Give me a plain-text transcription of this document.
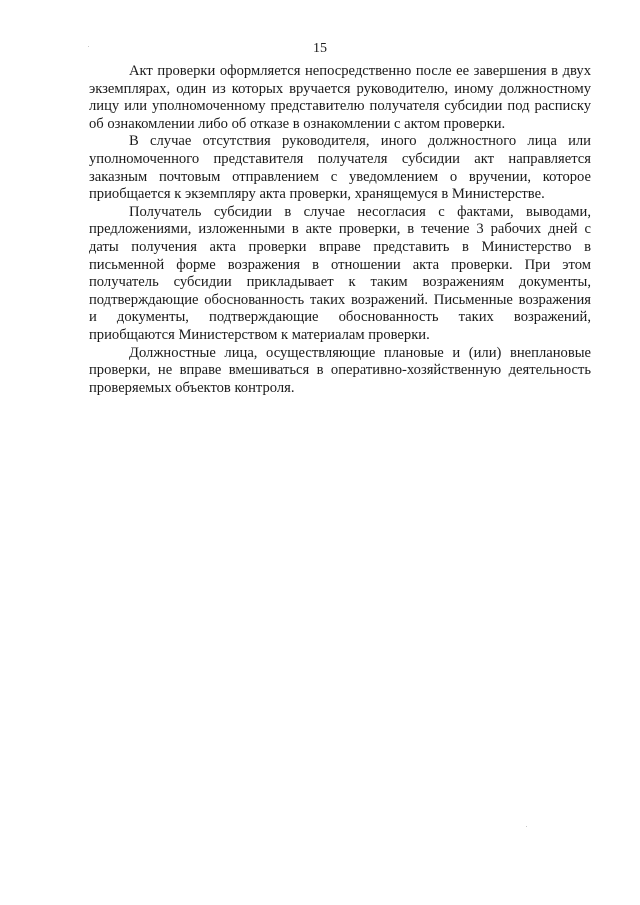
15

Акт проверки оформляется непосредственно после ее завершения в двух экземплярах, один из которых вручается руководителю, иному должностному лицу или уполномоченному представителю получателя субсидии под расписку об ознакомлении либо об отказе в ознакомлении с актом проверки.

В случае отсутствия руководителя, иного должностного лица или уполномоченного представителя получателя субсидии акт направляется заказным почтовым отправлением с уведомлением о вручении, которое приобщается к экземпляру акта проверки, хранящемуся в Министерстве.

Получатель субсидии в случае несогласия с фактами, выводами, предложениями, изложенными в акте проверки, в течение 3 рабочих дней с даты получения акта проверки вправе представить в Министерство в письменной форме возражения в отношении акта проверки. При этом получатель субсидии прикладывает к таким возражениям документы, подтверждающие обоснованность таких возражений. Письменные возражения и документы, подтверждающие обоснованность таких возражений, приобщаются Министерством к материалам проверки.

Должностные лица, осуществляющие плановые и (или) внеплановые проверки, не вправе вмешиваться в оперативно-хозяйственную деятельность проверяемых объектов контроля.
